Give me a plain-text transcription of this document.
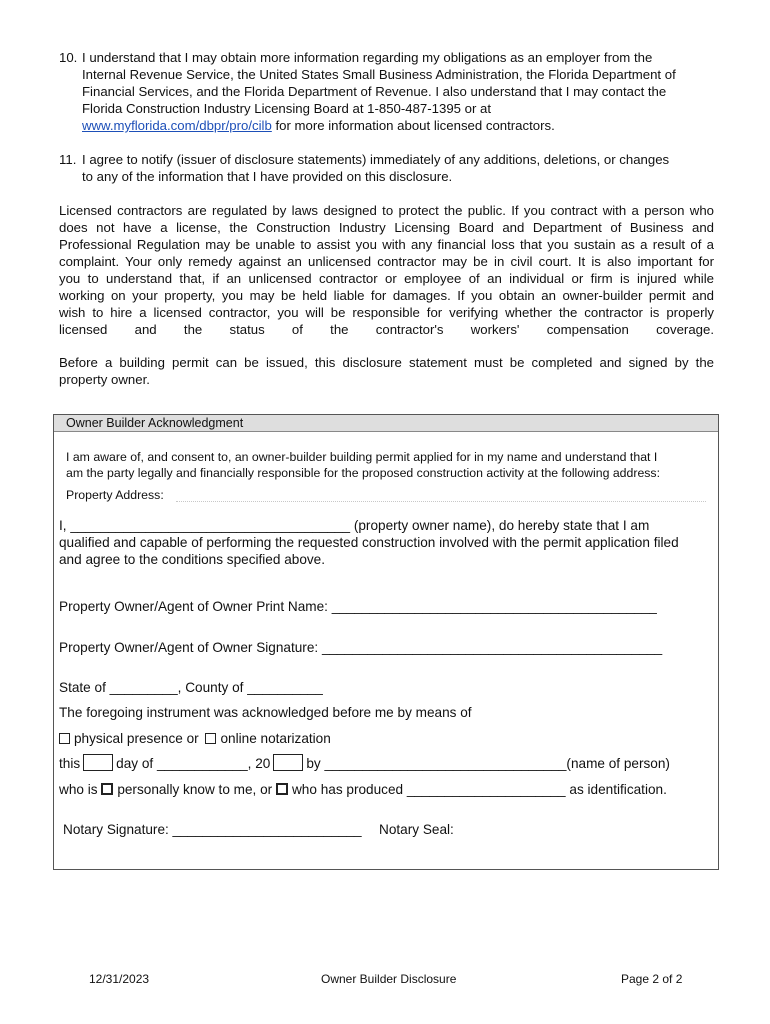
10. I understand that I may obtain more information regarding my obligations as an employer from the
Internal Revenue Service, the United States Small Business Administration, the Florida Department of
Financial Services, and the Florida Department of Revenue. I also understand that I may contact the
Florida Construction Industry Licensing Board at 1-850-487-1395 or at
www.myflorida.com/dbpr/pro/cilb for more information about licensed contractors.
11. I agree to notify (issuer of disclosure statements) immediately of any additions, deletions, or changes
to any of the information that I have provided on this disclosure.
Licensed contractors are regulated by laws designed to protect the public. If you contract with a person who
does not have a license, the Construction Industry Licensing Board and Department of Business and
Professional Regulation may be unable to assist you with any financial loss that you sustain as a result of a
complaint. Your only remedy against an unlicensed contractor may be in civil court. It is also important for
you to understand that, if an unlicensed contractor or employee of an individual or firm is injured while
working on your property, you may be held liable for damages. If you obtain an owner-builder permit and
wish to hire a licensed contractor, you will be responsible for verifying whether the contractor is properly
licensed and the status of the contractor's workers' compensation coverage.
Before a building permit can be issued, this disclosure statement must be completed and signed by the
property owner.
Owner Builder Acknowledgment
I am aware of, and consent to, an owner-builder building permit applied for in my name and understand that I
am the party legally and financially responsible for the proposed construction activity at the following address:
Property Address:
I, _____________________________________ (property owner name), do hereby state that I am
qualified and capable of performing the requested construction involved with the permit application filed
and agree to the conditions specified above.
Property Owner/Agent of Owner Print Name: ___________________________________________
Property Owner/Agent of Owner Signature: _____________________________________________
State of _________, County of __________
The foregoing instrument was acknowledged before me by means of
physical presence or online notarization
this	day of ____________, 20	by ________________________________(name of person)
who is personally know to me, or who has produced _____________________ as identification.
Notary Signature: _________________________ Notary Seal:
12/31/2023	Owner Builder Disclosure	Page 2 of 2
